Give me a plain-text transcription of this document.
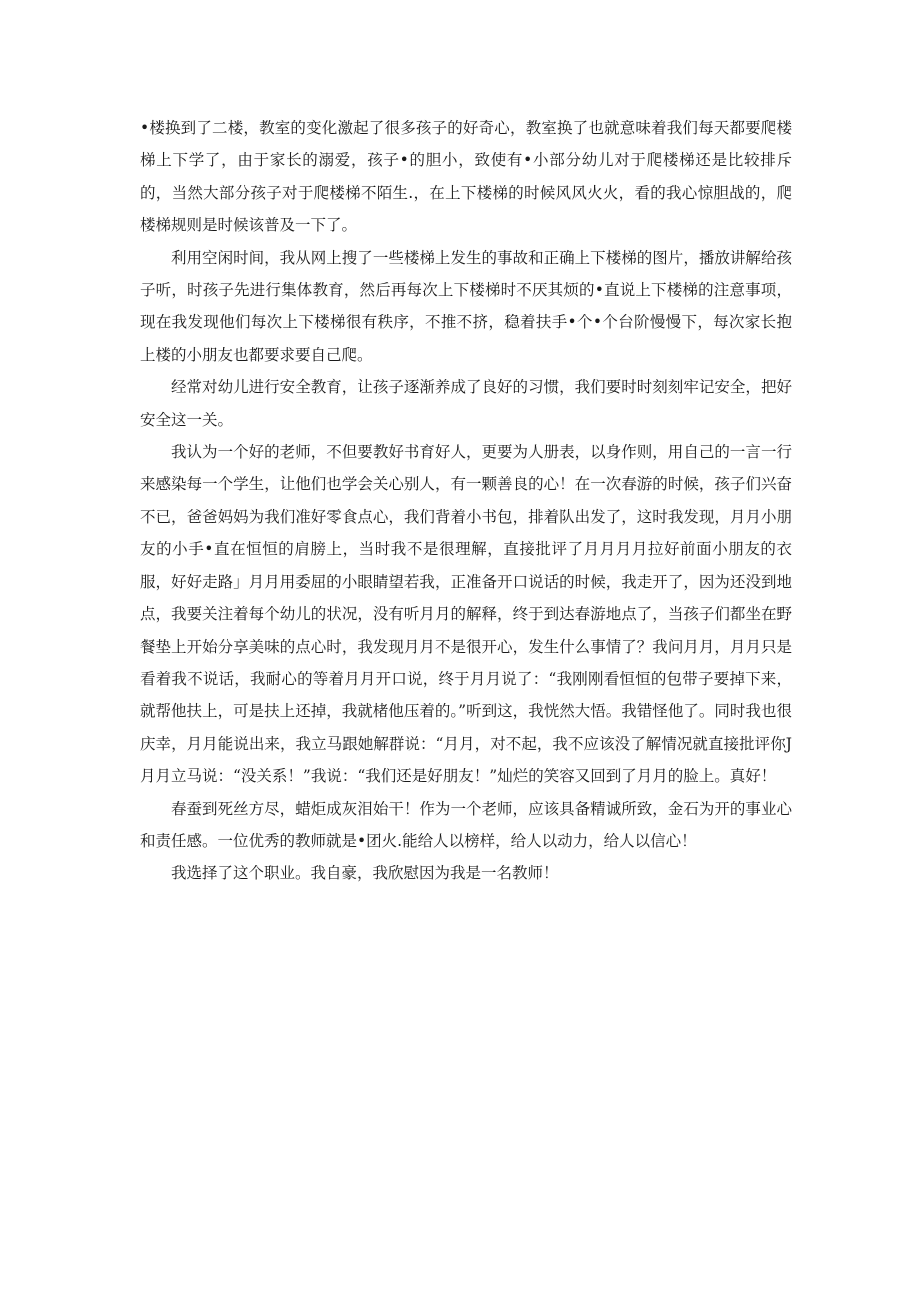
•楼换到了二楼，教室的变化激起了很多孩子的好奇心，教室换了也就意味着我们每天都要爬楼梯上下学了，由于家长的溺爱，孩子•的胆小，致使有•小部分幼儿对于爬楼梯还是比较排斥的，当然大部分孩子对于爬楼梯不陌生.，在上下楼梯的时候风风火火，看的我心惊胆战的，爬楼梯规则是时候该普及一下了。

利用空闲时间，我从网上搜了一些楼梯上发生的事故和正确上下楼梯的图片，播放讲解给孩子听，时孩子先进行集体教育，然后再每次上下楼梯时不厌其烦的•直说上下楼梯的注意事项，现在我发现他们每次上下楼梯很有秩序，不推不挤，稳着扶手•个•个台阶慢慢下，每次家长抱上楼的小朋友也都要求要自己爬。

经常对幼儿进行安全教育，让孩子逐渐养成了良好的习惯，我们要时时刻刻牢记安全，把好安全这一关。

我认为一个好的老师，不但要教好书育好人，更要为人册表，以身作则，用自己的一言一行来感染每一个学生，让他们也学会关心别人，有一颗善良的心！在一次春游的时候，孩子们兴奋不已，爸爸妈妈为我们准好零食点心，我们背着小书包，排着队出发了，这时我发现，月月小朋友的小手•直在恒恒的肩膀上，当时我不是很理解，直接批评了月月月月拉好前面小朋友的衣服，好好走路」月月用委屈的小眼睛望若我，正准备开口说话的时候，我走开了，因为还没到地点，我要关注着每个幼儿的状况，没有听月月的解释，终于到达春游地点了，当孩子们都坐在野餐垫上开始分享美味的点心时，我发现月月不是很开心，发生什么事情了？我问月月，月月只是看着我不说话，我耐心的等着月月开口说，终于月月说了：“我刚刚看恒恒的包带子要掉下来，就帮他扶上，可是扶上还掉，我就楮他压着的。”听到这，我恍然大悟。我错怪他了。同时我也很庆幸，月月能说出来，我立马跟她解群说：“月月，对不起，我不应该没了解情况就直接批评你J月月立马说：“没关系！”我说：“我们还是好朋友！”灿烂的笑容又回到了月月的脸上。真好！

春蚕到死丝方尽，蜡炬成灰泪始干！作为一个老师，应该具备精诚所致，金石为开的事业心和责任感。一位优秀的教师就是•团火.能给人以榜样，给人以动力，给人以信心！

我选择了这个职业。我自豪，我欣慰因为我是一名教师！
